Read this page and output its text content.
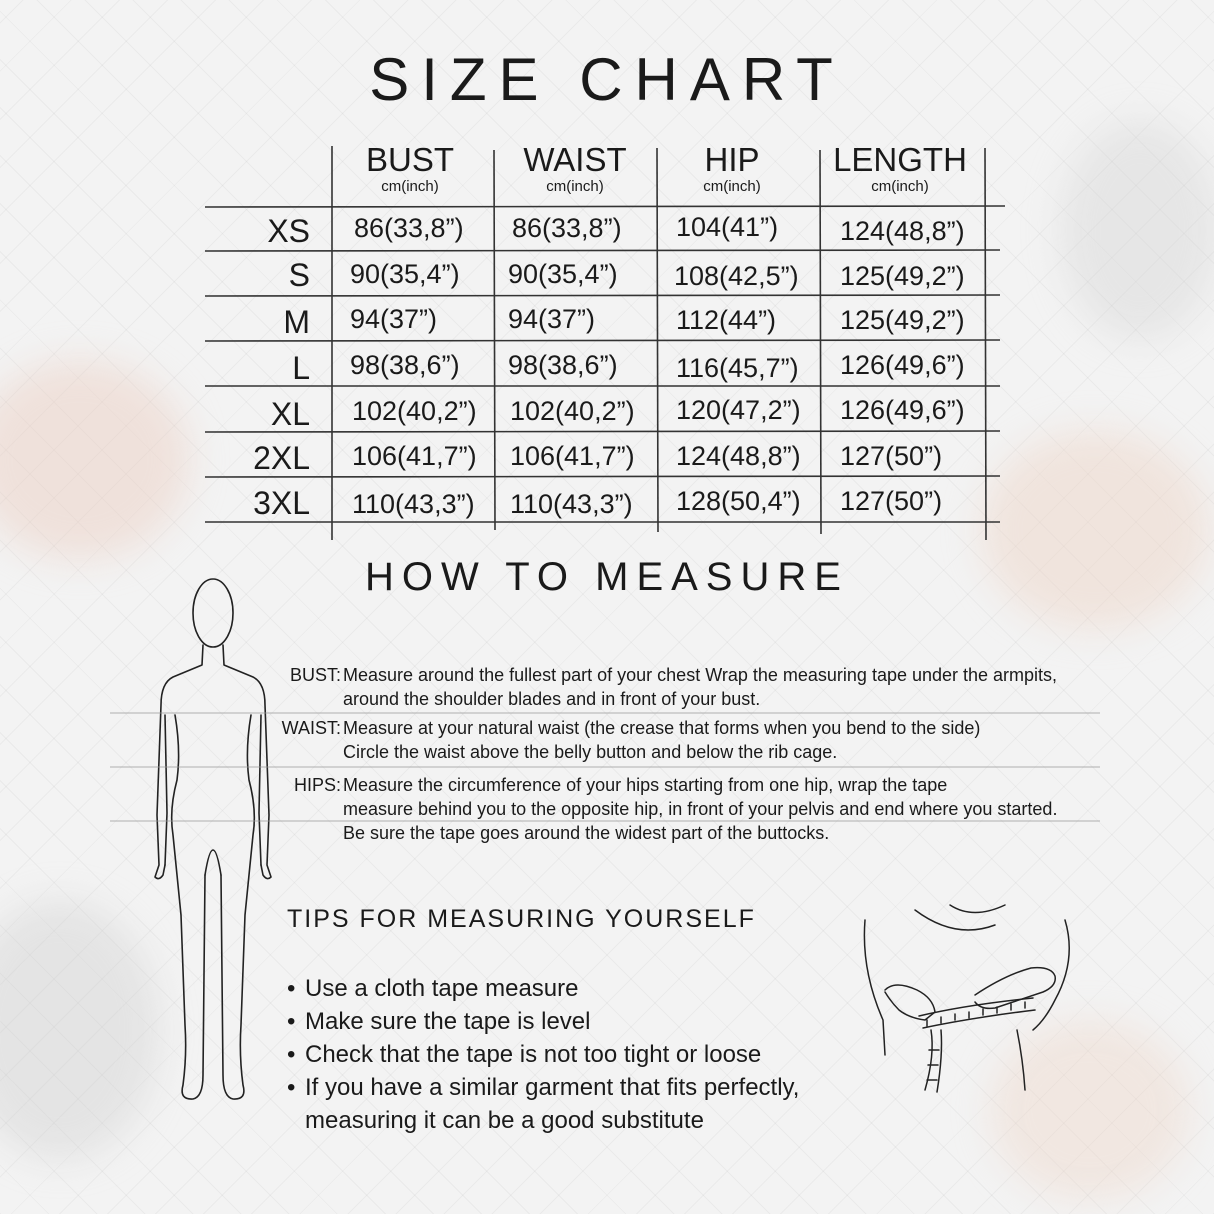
SIZE CHART
BUST
cm(inch)
WAIST
cm(inch)
HIP
cm(inch)
LENGTH
cm(inch)
XS 86(33,8”) 86(33,8”) 104(41”) 124(48,8”)
S 90(35,4”) 90(35,4”) 108(42,5”) 125(49,2”)
M 94(37”)	94(37”)	112(44”) 125(49,2”)
L 98(38,6”) 98(38,6”) 116(45,7”) 126(49,6”)
XL 102(40,2”) 102(40,2”) 120(47,2”) 126(49,6”)
2XL 106(41,7”) 106(41,7”) 124(48,8”) 127(50”)
3XL 110(43,3”) 110(43,3”) 128(50,4”) 127(50”)
HOW TO MEASURE
BUST: Measure around the fullest part of your chest Wrap the measuring tape under the armpits,
around the shoulder blades and in front of your bust.
WAIST: Measure at your natural waist (the crease that forms when you bend to the side)
Circle the waist above the belly button and below the rib cage.
HIPS: Measure the circumference of your hips starting from one hip, wrap the tape
measure behind you to the opposite hip, in front of your pelvis and end where you started.
Be sure the tape goes around the widest part of the buttocks.
TIPS FOR MEASURING YOURSELF
• Use a cloth tape measure
• Make sure the tape is level
• Check that the tape is not too tight or loose
• If you have a similar garment that fits perfectly, measuring it can be a good substitute
